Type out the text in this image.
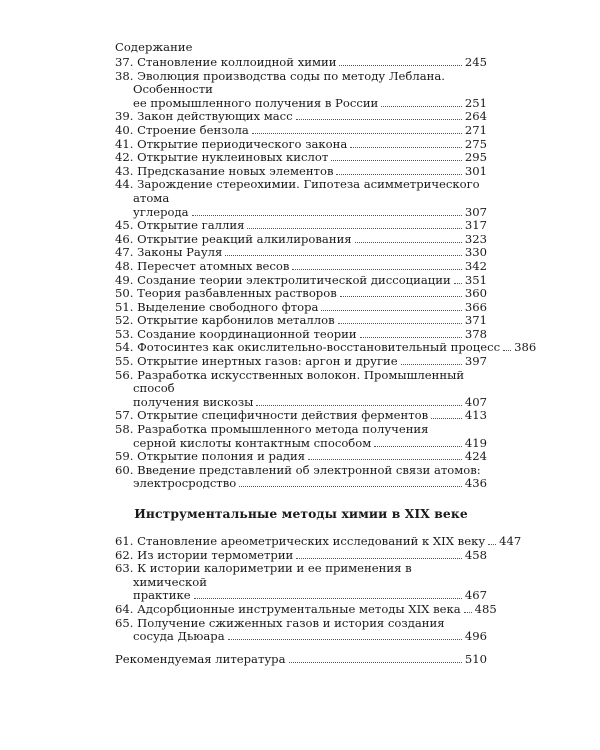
Содержание
37. Становление коллоидной химии	245
38. Эволюция производства соды по методу Леблана. Особенности
ее промышленного получения в России	251
39. Закон действующих масс	264
40. Строение бензола	271
41. Открытие периодического закона	275
42. Открытие нуклеиновых кислот	295
43. Предсказание новых элементов	301
44. Зарождение стереохимии. Гипотеза асимметрического атома
углерода	307
45. Открытие галлия	317
46. Открытие реакций алкилирования	323
47. Законы Рауля	330
48. Пересчет атомных весов	342
49. Создание теории электролитической диссоциации 351
50. Теория разбавленных растворов	360
51. Выделение свободного фтора	366
52. Открытие карбонилов металлов	371
53. Создание координационной теории	378
54. Фотосинтез как окислительно-восстановительный процесс 386
55. Открытие инертных газов: аргон и другие	397
56. Разработка искусственных волокон. Промышленный способ
получения вискозы	407
57. Открытие специфичности действия ферментов	413
58. Разработка промышленного метода получения
серной кислоты контактным способом	419
59. Открытие полония и радия	424
60. Введение представлений об электронной связи атомов:
электросродство	436
Инструментальные методы химии в XIX веке
61. Становление ареометрических исследований к XIX веку 447
62. Из истории термометрии	458
63. К истории калориметрии и ее применения в химической
практике	467
64. Адсорбционные инструментальные методы XIX века 485
65. Получение сжиженных газов и история создания
сосуда Дьюара	496
Рекомендуемая литература	510
